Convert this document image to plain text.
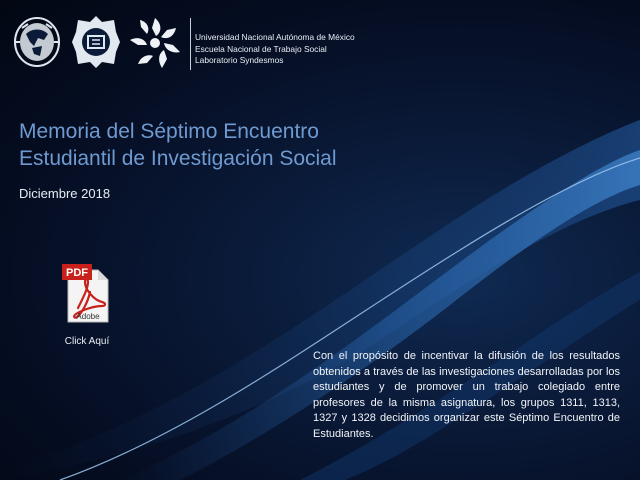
Universidad Nacional Autónoma de México
Escuela Nacional de Trabajo Social
Laboratorio Syndesmos
Memoria del Séptimo Encuentro
Estudiantil de Investigación Social
Diciembre 2018
PDF
Adobe
Click Aquí
Con el propósito de incentivar la difusión de los resultados obtenidos a través de las investigaciones desarrolladas por los estudiantes y de promover un trabajo colegiado entre profesores de la misma asignatura, los grupos 1311, 1313, 1327 y 1328 decidimos organizar este Séptimo Encuentro de Estudiantes.
